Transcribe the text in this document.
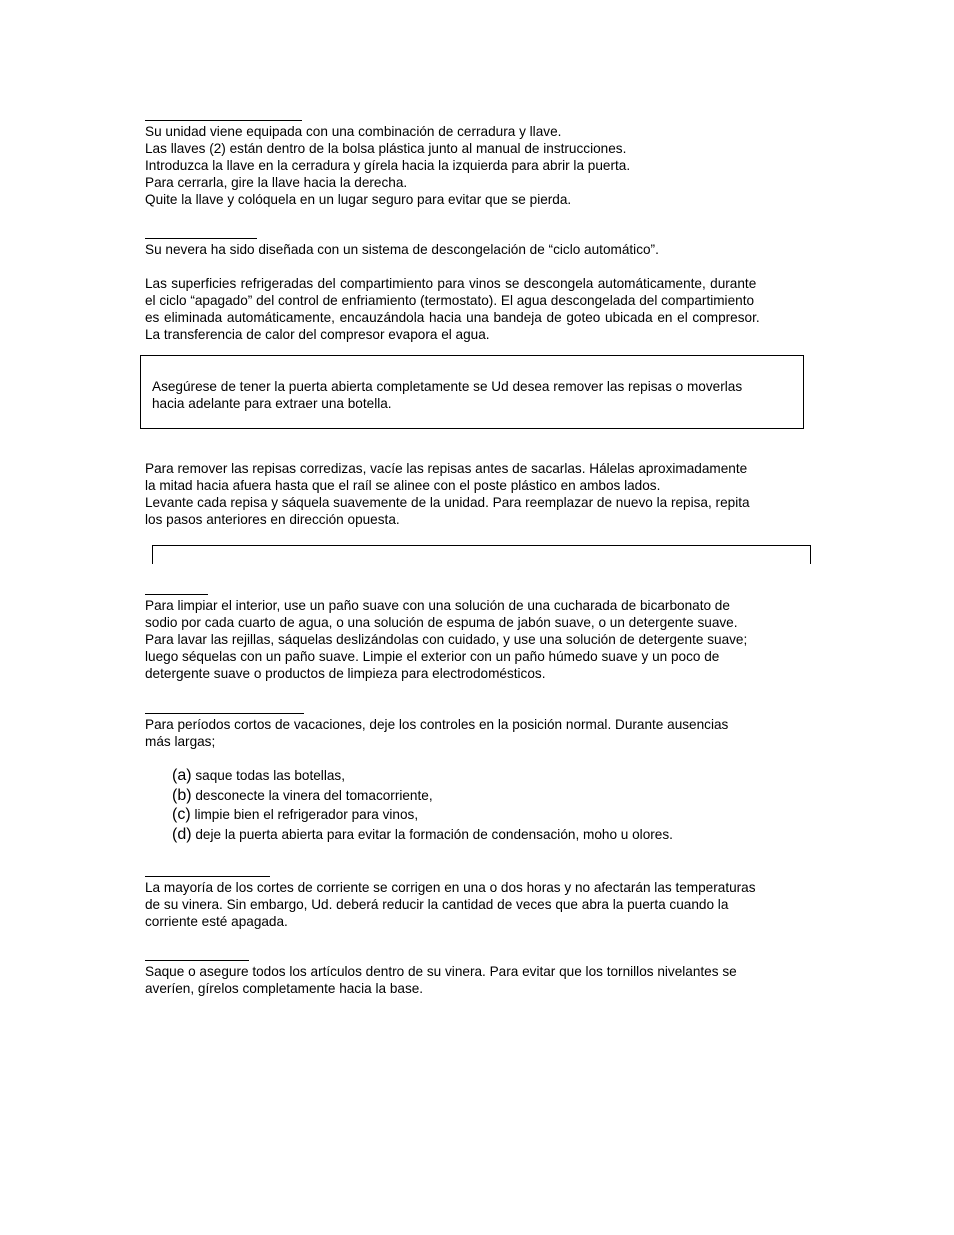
Su unidad viene equipada con una combinación de cerradura y llave.
Las llaves (2) están dentro de la bolsa plástica junto al manual de instrucciones.
Introduzca la llave en la cerradura y gírela hacia la izquierda para abrir la puerta.
Para cerrarla, gire la llave hacia la derecha.
Quite la llave y colóquela en un lugar seguro para evitar que se pierda.
Su nevera ha sido diseñada con un sistema de descongelación de “ciclo automático”.
Las superficies refrigeradas del compartimiento para vinos se descongela automáticamente, durante
el ciclo “apagado” del control de enfriamiento (termostato). El agua descongelada del compartimiento
es eliminada automáticamente, encauzándola hacia una bandeja de goteo ubicada en el compresor.
La transferencia de calor del compresor evapora el agua.
Asegúrese de tener la puerta abierta completamente se Ud desea remover las repisas o moverlas
hacia adelante para extraer una botella.
Para remover las repisas corredizas, vacíe las repisas antes de sacarlas. Hálelas aproximadamente
la mitad hacia afuera hasta que el raíl se alinee con el poste plástico en ambos lados.
Levante cada repisa y sáquela suavemente de la unidad. Para reemplazar de nuevo la repisa, repita
los pasos anteriores en dirección opuesta.
Para limpiar el interior, use un paño suave con una solución de una cucharada de bicarbonato de
sodio por cada cuarto de agua, o una solución de espuma de jabón suave, o un detergente suave.
Para lavar las rejillas, sáquelas deslizándolas con cuidado, y use una solución de detergente suave;
luego séquelas con un paño suave. Limpie el exterior con un paño húmedo suave y un poco de
detergente suave o productos de limpieza para electrodomésticos.
Para períodos cortos de vacaciones, deje los controles en la posición normal. Durante ausencias
más largas;
(a) saque todas las botellas,
(b) desconecte la vinera del tomacorriente,
(c) limpie bien el refrigerador para vinos,
(d) deje la puerta abierta para evitar la formación de condensación, moho u olores.
La mayoría de los cortes de corriente se corrigen en una o dos horas y no afectarán las temperaturas
de su vinera. Sin embargo, Ud. deberá reducir la cantidad de veces que abra la puerta cuando la
corriente esté apagada.
Saque o asegure todos los artículos dentro de su vinera. Para evitar que los tornillos nivelantes se
averíen, gírelos completamente hacia la base.
